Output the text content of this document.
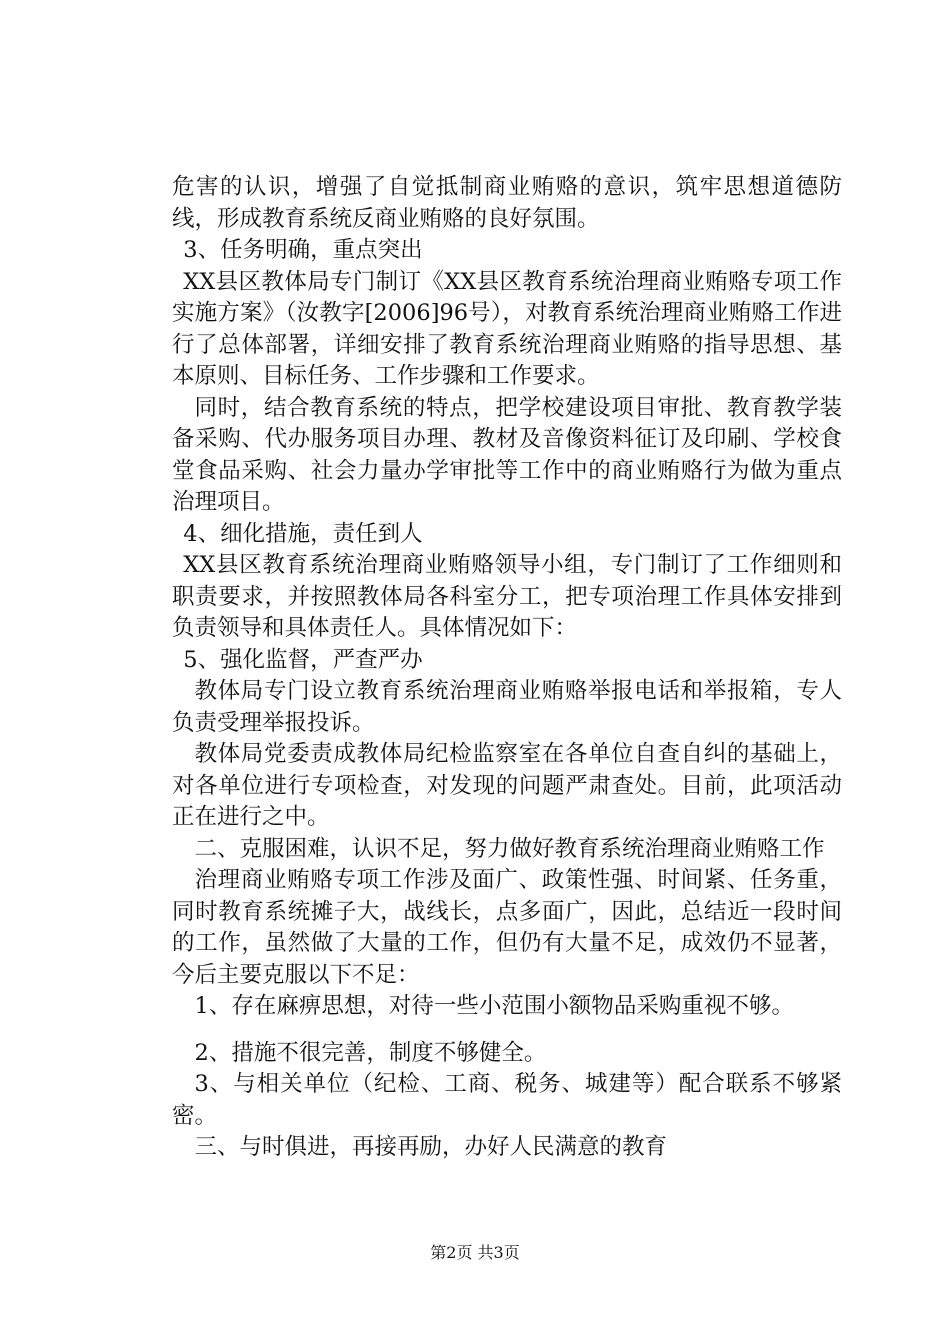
危害的认识，增强了自觉抵制商业贿赂的意识，筑牢思想道德防线，形成教育系统反商业贿赂的良好氛围。

3、任务明确，重点突出

XX县区教体局专门制订《XX县区教育系统治理商业贿赂专项工作实施方案》（汝教字[2006]96号），对教育系统治理商业贿赂工作进行了总体部署，详细安排了教育系统治理商业贿赂的指导思想、基本原则、目标任务、工作步骤和工作要求。

同时，结合教育系统的特点，把学校建设项目审批、教育教学装备采购、代办服务项目办理、教材及音像资料征订及印刷、学校食堂食品采购、社会力量办学审批等工作中的商业贿赂行为做为重点治理项目。

4、细化措施，责任到人

XX县区教育系统治理商业贿赂领导小组，专门制订了工作细则和职责要求，并按照教体局各科室分工，把专项治理工作具体安排到负责领导和具体责任人。具体情况如下：

5、强化监督，严查严办

教体局专门设立教育系统治理商业贿赂举报电话和举报箱，专人负责受理举报投诉。

教体局党委责成教体局纪检监察室在各单位自查自纠的基础上，对各单位进行专项检查，对发现的问题严肃查处。目前，此项活动正在进行之中。

二、克服困难，认识不足，努力做好教育系统治理商业贿赂工作

治理商业贿赂专项工作涉及面广、政策性强、时间紧、任务重，同时教育系统摊子大，战线长，点多面广，因此，总结近一段时间的工作，虽然做了大量的工作，但仍有大量不足，成效仍不显著，今后主要克服以下不足：

1、存在麻痹思想，对待一些小范围小额物品采购重视不够。

2、措施不很完善，制度不够健全。

3、与相关单位（纪检、工商、税务、城建等）配合联系不够紧密。

三、与时俱进，再接再励，办好人民满意的教育

第2页 共3页
